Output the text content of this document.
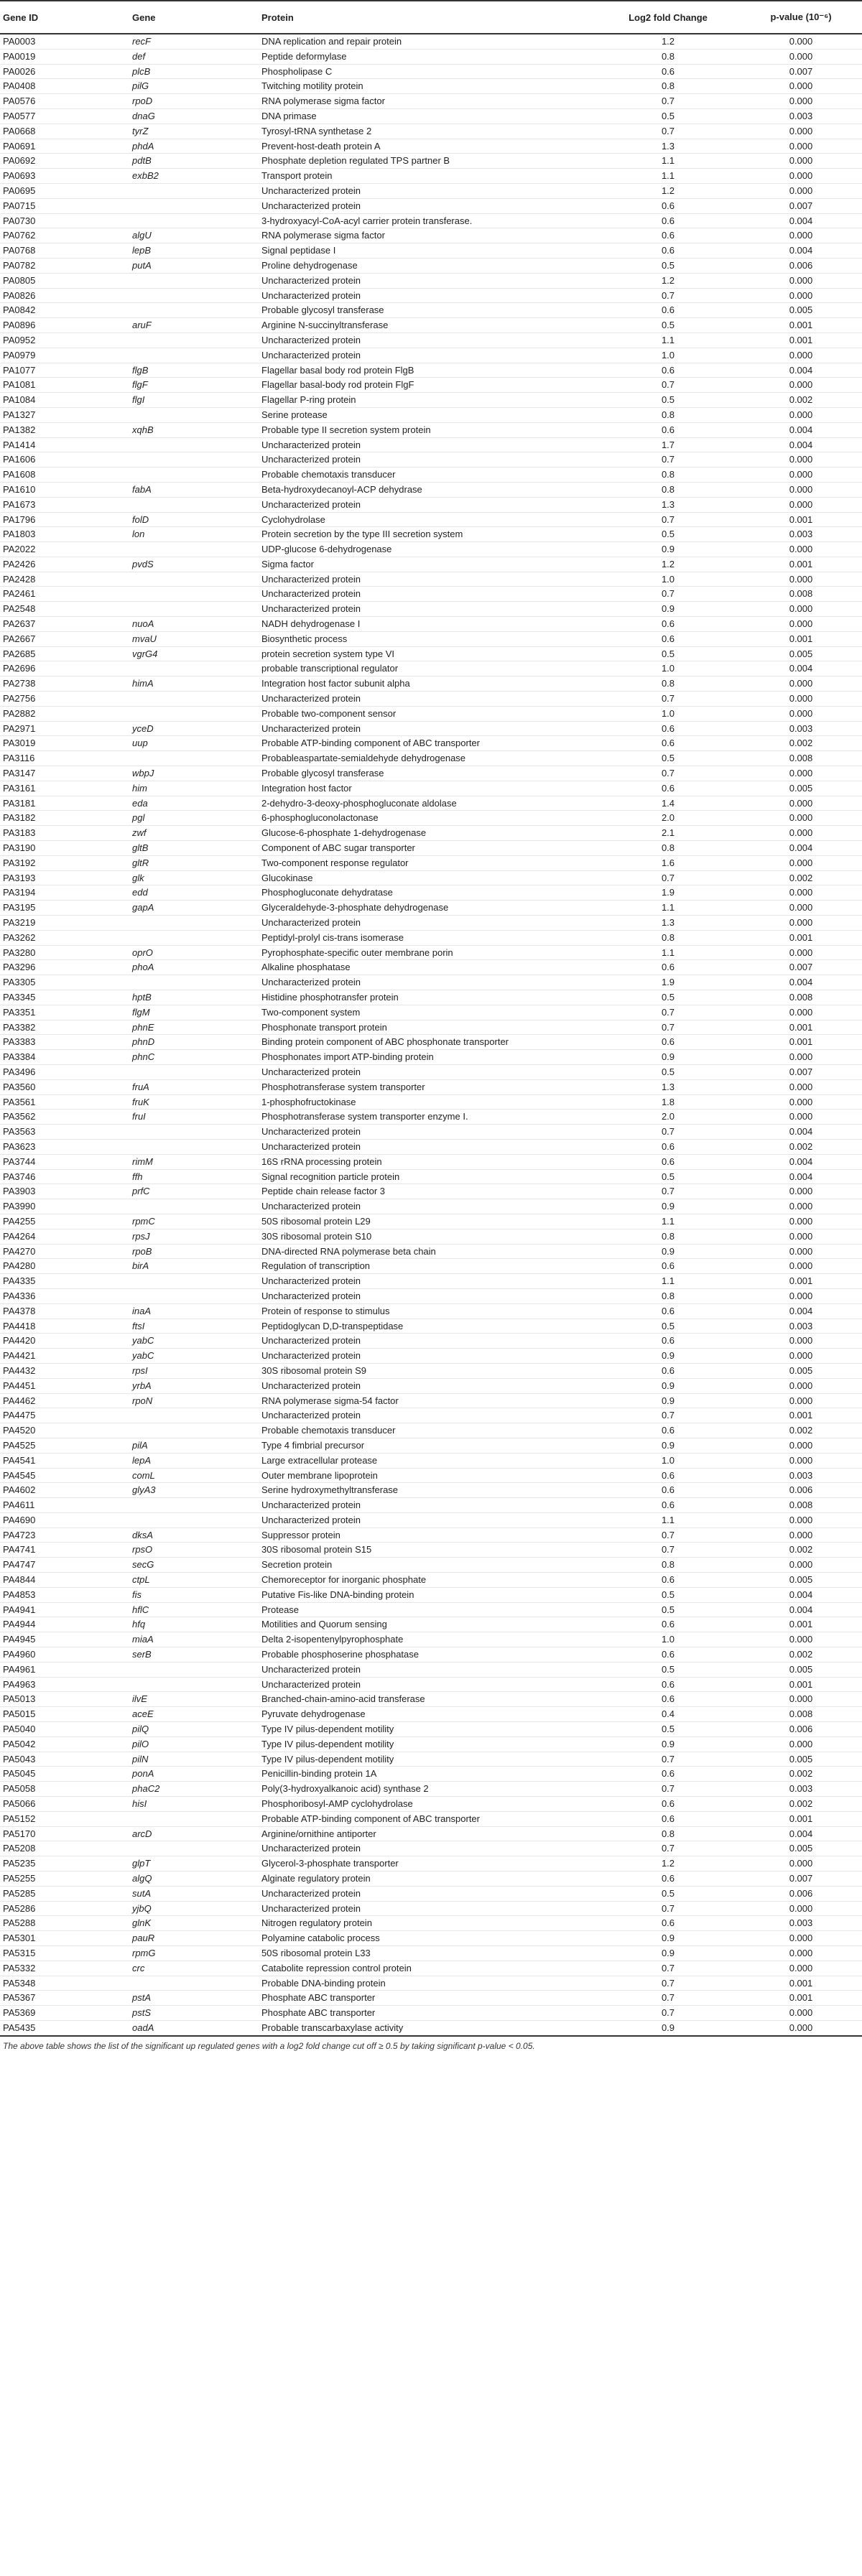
Gene ID	Gene	Protein	Log2 fold Change	p-value (10⁻⁶)
PA0003	recF	DNA replication and repair protein	1.2	0.000
PA0019	def	Peptide deformylase	0.8	0.000
PA0026	plcB	Phospholipase C	0.6	0.007
PA0408	pilG	Twitching motility protein	0.8	0.000
PA0576	rpoD	RNA polymerase sigma factor	0.7	0.000
PA0577	dnaG	DNA primase	0.5	0.003
PA0668	tyrZ	Tyrosyl-tRNA synthetase 2	0.7	0.000
PA0691	phdA	Prevent-host-death protein A	1.3	0.000
PA0692	pdtB	Phosphate depletion regulated TPS partner B	1.1	0.000
PA0693	exbB2	Transport protein	1.1	0.000
PA0695		Uncharacterized protein	1.2	0.000
PA0715		Uncharacterized protein	0.6	0.007
PA0730		3-hydroxyacyl-CoA-acyl carrier protein transferase.	0.6	0.004
PA0762	algU	RNA polymerase sigma factor	0.6	0.000
PA0768	lepB	Signal peptidase I	0.6	0.004
PA0782	putA	Proline dehydrogenase	0.5	0.006
PA0805		Uncharacterized protein	1.2	0.000
PA0826		Uncharacterized protein	0.7	0.000
PA0842		Probable glycosyl transferase	0.6	0.005
PA0896	aruF	Arginine N-succinyltransferase	0.5	0.001
PA0952		Uncharacterized protein	1.1	0.001
PA0979		Uncharacterized protein	1.0	0.000
PA1077	flgB	Flagellar basal body rod protein FlgB	0.6	0.004
PA1081	flgF	Flagellar basal-body rod protein FlgF	0.7	0.000
PA1084	flgI	Flagellar P-ring protein	0.5	0.002
PA1327		Serine protease	0.8	0.000
PA1382	xqhB	Probable type II secretion system protein	0.6	0.004
PA1414		Uncharacterized protein	1.7	0.004
PA1606		Uncharacterized protein	0.7	0.000
PA1608		Probable chemotaxis transducer	0.8	0.000
PA1610	fabA	Beta-hydroxydecanoyl-ACP dehydrase	0.8	0.000
PA1673		Uncharacterized protein	1.3	0.000
PA1796	folD	Cyclohydrolase	0.7	0.001
PA1803	lon	Protein secretion by the type III secretion system	0.5	0.003
PA2022		UDP-glucose 6-dehydrogenase	0.9	0.000
PA2426	pvdS	Sigma factor	1.2	0.001
PA2428		Uncharacterized protein	1.0	0.000
PA2461		Uncharacterized protein	0.7	0.008
PA2548		Uncharacterized protein	0.9	0.000
PA2637	nuoA	NADH dehydrogenase I	0.6	0.000
PA2667	mvaU	Biosynthetic process	0.6	0.001
PA2685	vgrG4	protein secretion system type VI	0.5	0.005
PA2696		probable transcriptional regulator	1.0	0.004
PA2738	himA	Integration host factor subunit alpha	0.8	0.000
PA2756		Uncharacterized protein	0.7	0.000
PA2882		Probable two-component sensor	1.0	0.000
PA2971	yceD	Uncharacterized protein	0.6	0.003
PA3019	uup	Probable ATP-binding component of ABC transporter	0.6	0.002
PA3116		Probableaspartate-semialdehyde dehydrogenase	0.5	0.008
PA3147	wbpJ	Probable glycosyl transferase	0.7	0.000
PA3161	him	Integration host factor	0.6	0.005
PA3181	eda	2-dehydro-3-deoxy-phosphogluconate aldolase	1.4	0.000
PA3182	pgl	6-phosphogluconolactonase	2.0	0.000
PA3183	zwf	Glucose-6-phosphate 1-dehydrogenase	2.1	0.000
PA3190	gltB	Component of ABC sugar transporter	0.8	0.004
PA3192	gltR	Two-component response regulator	1.6	0.000
PA3193	glk	Glucokinase	0.7	0.002
PA3194	edd	Phosphogluconate dehydratase	1.9	0.000
PA3195	gapA	Glyceraldehyde-3-phosphate dehydrogenase	1.1	0.000
PA3219		Uncharacterized protein	1.3	0.000
PA3262		Peptidyl-prolyl cis-trans isomerase	0.8	0.001
PA3280	oprO	Pyrophosphate-specific outer membrane porin	1.1	0.000
PA3296	phoA	Alkaline phosphatase	0.6	0.007
PA3305		Uncharacterized protein	1.9	0.004
PA3345	hptB	Histidine phosphotransfer protein	0.5	0.008
PA3351	flgM	Two-component system	0.7	0.000
PA3382	phnE	Phosphonate transport protein	0.7	0.001
PA3383	phnD	Binding protein component of ABC phosphonate transporter	0.6	0.001
PA3384	phnC	Phosphonates import ATP-binding protein	0.9	0.000
PA3496		Uncharacterized protein	0.5	0.007
PA3560	fruA	Phosphotransferase system transporter	1.3	0.000
PA3561	fruK	1-phosphofructokinase	1.8	0.000
PA3562	fruI	Phosphotransferase system transporter enzyme I.	2.0	0.000
PA3563		Uncharacterized protein	0.7	0.004
PA3623		Uncharacterized protein	0.6	0.002
PA3744	rimM	16S rRNA processing protein	0.6	0.004
PA3746	ffh	Signal recognition particle protein	0.5	0.004
PA3903	prfC	Peptide chain release factor 3	0.7	0.000
PA3990		Uncharacterized protein	0.9	0.000
PA4255	rpmC	50S ribosomal protein L29	1.1	0.000
PA4264	rpsJ	30S ribosomal protein S10	0.8	0.000
PA4270	rpoB	DNA-directed RNA polymerase beta chain	0.9	0.000
PA4280	birA	Regulation of transcription	0.6	0.000
PA4335		Uncharacterized protein	1.1	0.001
PA4336		Uncharacterized protein	0.8	0.000
PA4378	inaA	Protein of response to stimulus	0.6	0.004
PA4418	ftsI	Peptidoglycan D,D-transpeptidase	0.5	0.003
PA4420	yabC	Uncharacterized protein	0.6	0.000
PA4421	yabC	Uncharacterized protein	0.9	0.000
PA4432	rpsI	30S ribosomal protein S9	0.6	0.005
PA4451	yrbA	Uncharacterized protein	0.9	0.000
PA4462	rpoN	RNA polymerase sigma-54 factor	0.9	0.000
PA4475		Uncharacterized protein	0.7	0.001
PA4520		Probable chemotaxis transducer	0.6	0.002
PA4525	pilA	Type 4 fimbrial precursor	0.9	0.000
PA4541	lepA	Large extracellular protease	1.0	0.000
PA4545	comL	Outer membrane lipoprotein	0.6	0.003
PA4602	glyA3	Serine hydroxymethyltransferase	0.6	0.006
PA4611		Uncharacterized protein	0.6	0.008
PA4690		Uncharacterized protein	1.1	0.000
PA4723	dksA	Suppressor protein	0.7	0.000
PA4741	rpsO	30S ribosomal protein S15	0.7	0.002
PA4747	secG	Secretion protein	0.8	0.000
PA4844	ctpL	Chemoreceptor for inorganic phosphate	0.6	0.005
PA4853	fis	Putative Fis-like DNA-binding protein	0.5	0.004
PA4941	hflC	Protease	0.5	0.004
PA4944	hfq	Motilities and Quorum sensing	0.6	0.001
PA4945	miaA	Delta 2-isopentenylpyrophosphate	1.0	0.000
PA4960	serB	Probable phosphoserine phosphatase	0.6	0.002
PA4961		Uncharacterized protein	0.5	0.005
PA4963		Uncharacterized protein	0.6	0.001
PA5013	ilvE	Branched-chain-amino-acid transferase	0.6	0.000
PA5015	aceE	Pyruvate dehydrogenase	0.4	0.008
PA5040	pilQ	Type IV pilus-dependent motility	0.5	0.006
PA5042	pilO	Type IV pilus-dependent motility	0.9	0.000
PA5043	pilN	Type IV pilus-dependent motility	0.7	0.005
PA5045	ponA	Penicillin-binding protein 1A	0.6	0.002
PA5058	phaC2	Poly(3-hydroxyalkanoic acid) synthase 2	0.7	0.003
PA5066	hisI	Phosphoribosyl-AMP cyclohydrolase	0.6	0.002
PA5152		Probable ATP-binding component of ABC transporter	0.6	0.001
PA5170	arcD	Arginine/ornithine antiporter	0.8	0.004
PA5208		Uncharacterized protein	0.7	0.005
PA5235	glpT	Glycerol-3-phosphate transporter	1.2	0.000
PA5255	algQ	Alginate regulatory protein	0.6	0.007
PA5285	sutA	Uncharacterized protein	0.5	0.006
PA5286	yjbQ	Uncharacterized protein	0.7	0.000
PA5288	glnK	Nitrogen regulatory protein	0.6	0.003
PA5301	pauR	Polyamine catabolic process	0.9	0.000
PA5315	rpmG	50S ribosomal protein L33	0.9	0.000
PA5332	crc	Catabolite repression control protein	0.7	0.000
PA5348		Probable DNA-binding protein	0.7	0.001
PA5367	pstA	Phosphate ABC transporter	0.7	0.001
PA5369	pstS	Phosphate ABC transporter	0.7	0.000
PA5435	oadA	Probable transcarbaxylase activity	0.9	0.000
The above table shows the list of the significant up regulated genes with a log2 fold change cut off ≥ 0.5 by taking significant p-value < 0.05.
